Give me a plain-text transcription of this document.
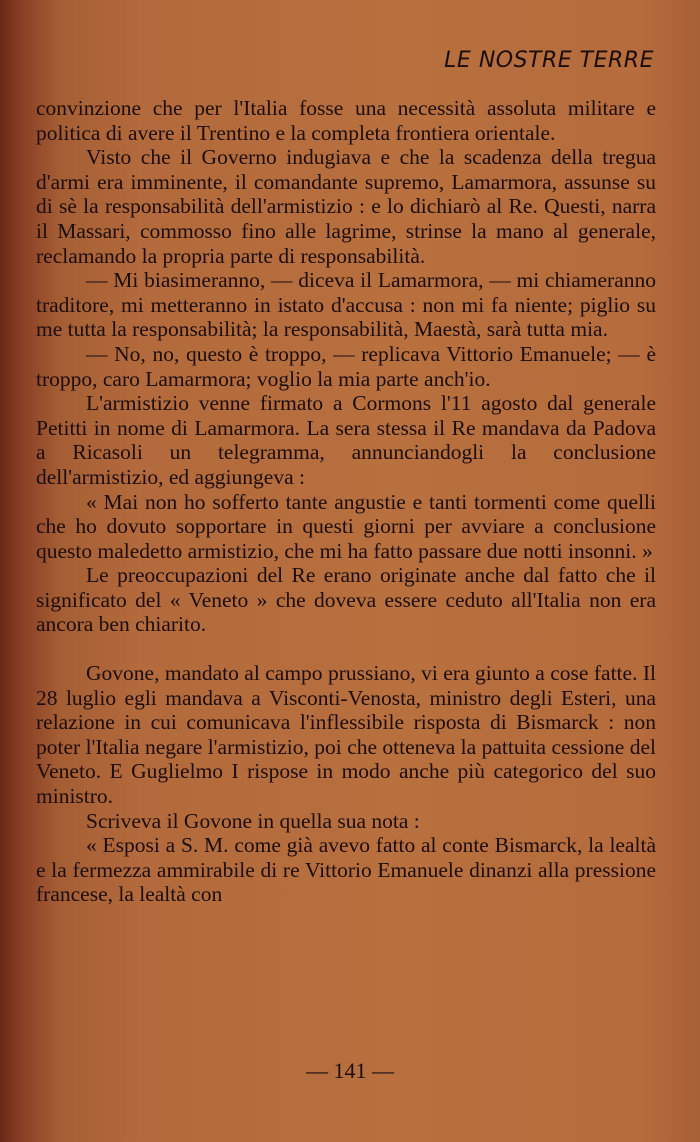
LE NOSTRE TERRE

convinzione che per l'Italia fosse una necessità assoluta militare e politica di avere il Trentino e la completa frontiera orientale.

Visto che il Governo indugiava e che la scadenza della tregua d'armi era imminente, il comandante supremo, Lamarmora, assunse su di sè la responsabilità dell'armistizio : e lo dichiarò al Re. Questi, narra il Massari, commosso fino alle lagrime, strinse la mano al generale, reclamando la propria parte di responsabilità.

— Mi biasimeranno, — diceva il Lamarmora, — mi chiameranno traditore, mi metteranno in istato d'accusa : non mi fa niente; piglio su me tutta la responsabilità; la responsabilità, Maestà, sarà tutta mia.

— No, no, questo è troppo, — replicava Vittorio Emanuele; — è troppo, caro Lamarmora; voglio la mia parte anch'io.

L'armistizio venne firmato a Cormons l'11 agosto dal generale Petitti in nome di Lamarmora. La sera stessa il Re mandava da Padova a Ricasoli un telegramma, annunciandogli la conclusione dell'armistizio, ed aggiungeva :

« Mai non ho sofferto tante angustie e tanti tormenti come quelli che ho dovuto sopportare in questi giorni per avviare a conclusione questo maledetto armistizio, che mi ha fatto passare due notti insonni. »

Le preoccupazioni del Re erano originate anche dal fatto che il significato del « Veneto » che doveva essere ceduto all'Italia non era ancora ben chiarito.

Govone, mandato al campo prussiano, vi era giunto a cose fatte. Il 28 luglio egli mandava a Visconti-Venosta, ministro degli Esteri, una relazione in cui comunicava l'inflessibile risposta di Bismarck : non poter l'Italia negare l'armistizio, poi che otteneva la pattuita cessione del Veneto. E Guglielmo I rispose in modo anche più categorico del suo ministro.

Scriveva il Govone in quella sua nota :

« Esposi a S. M. come già avevo fatto al conte Bismarck, la lealtà e la fermezza ammirabile di re Vittorio Emanuele dinanzi alla pressione francese, la lealtà con

— 141 —
